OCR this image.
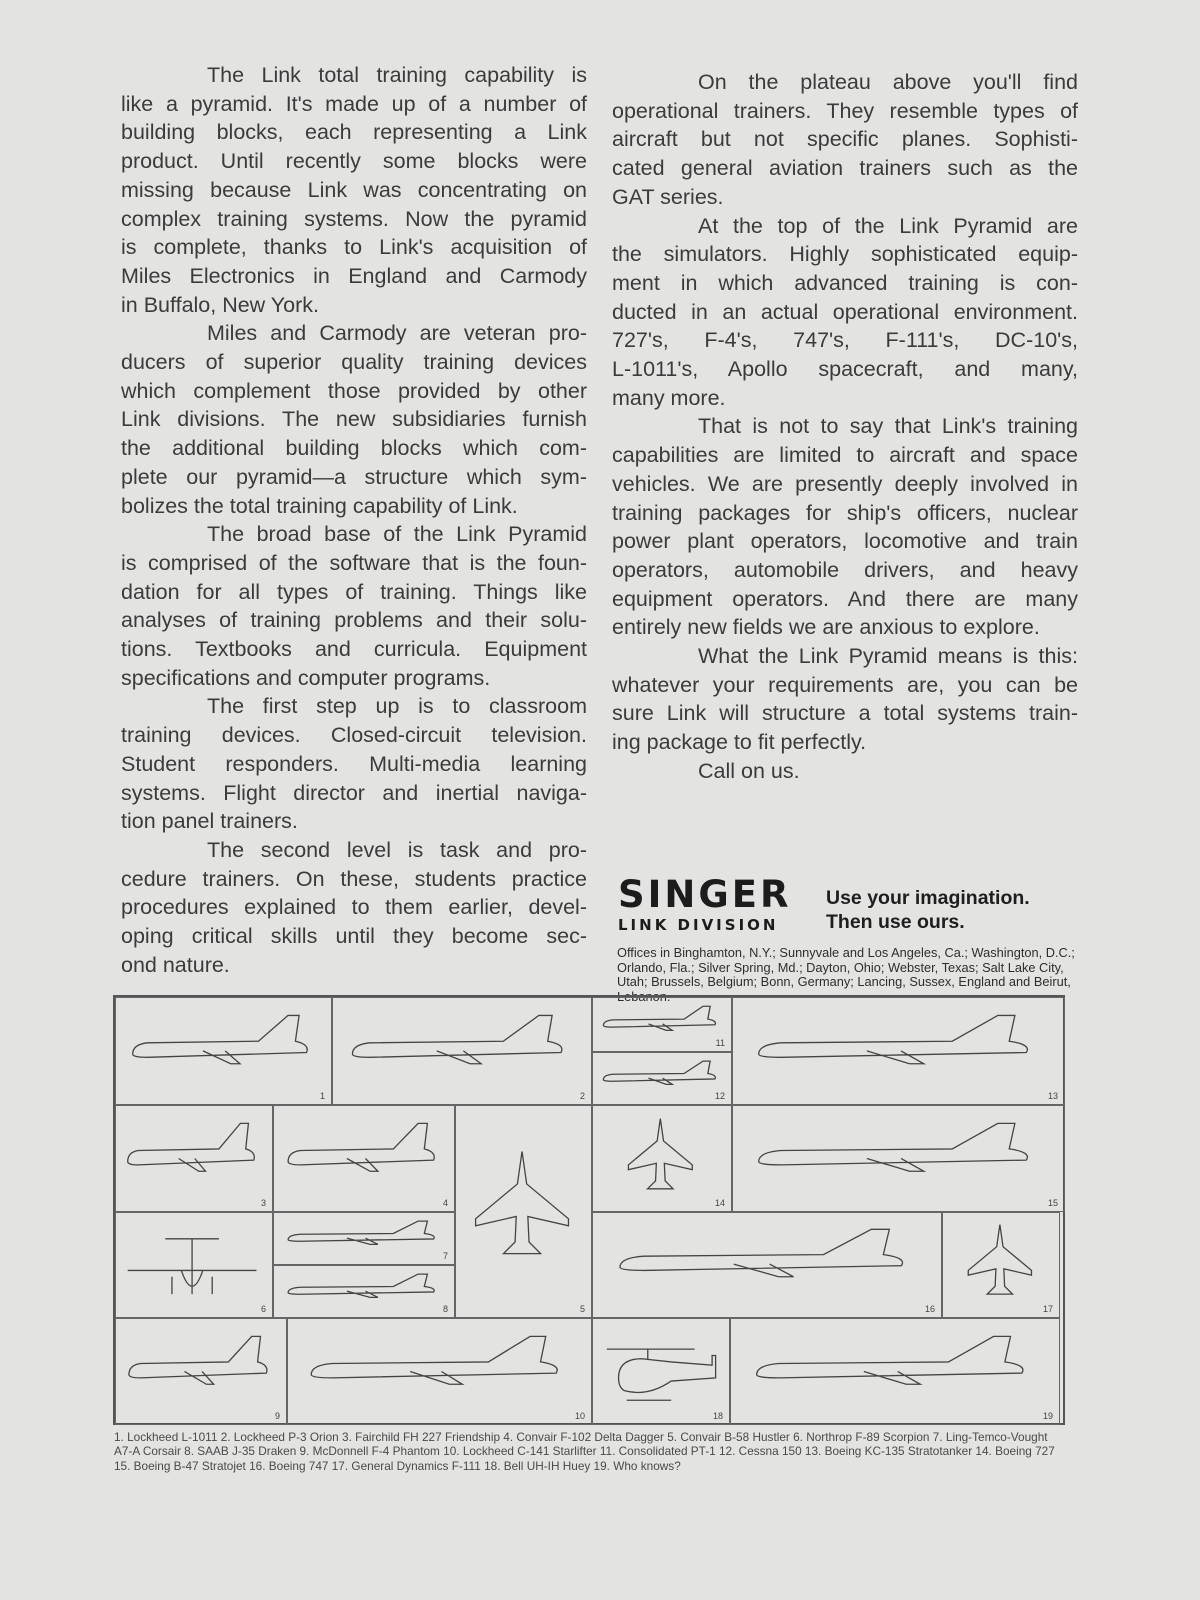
The Link total training capability is
like a pyramid. It's made up of a number of
building blocks, each representing a Link
product. Until recently some blocks were
missing because Link was concentrating on
complex training systems. Now the pyramid
is complete, thanks to Link's acquisition of
Miles Electronics in England and Carmody
in Buffalo, New York.
Miles and Carmody are veteran pro-
ducers of superior quality training devices
which complement those provided by other
Link divisions. The new subsidiaries furnish
the additional building blocks which com-
plete our pyramid—a structure which sym-
bolizes the total training capability of Link.
The broad base of the Link Pyramid
is comprised of the software that is the foun-
dation for all types of training. Things like
analyses of training problems and their solu-
tions. Textbooks and curricula. Equipment
specifications and computer programs.
The first step up is to classroom
training devices. Closed-circuit television.
Student responders. Multi-media learning
systems. Flight director and inertial naviga-
tion panel trainers.
The second level is task and pro-
cedure trainers. On these, students practice
procedures explained to them earlier, devel-
oping critical skills until they become sec-
ond nature.
On the plateau above you'll find
operational trainers. They resemble types of
aircraft but not specific planes. Sophisti-
cated general aviation trainers such as the
GAT series.
At the top of the Link Pyramid are
the simulators. Highly sophisticated equip-
ment in which advanced training is con-
ducted in an actual operational environment.
727's, F-4's, 747's, F-111's, DC-10's,
L-1011's, Apollo spacecraft, and many,
many more.
That is not to say that Link's training
capabilities are limited to aircraft and space
vehicles. We are presently deeply involved in
training packages for ship's officers, nuclear
power plant operators, locomotive and train
operators, automobile drivers, and heavy
equipment operators. And there are many
entirely new fields we are anxious to explore.
What the Link Pyramid means is this:
whatever your requirements are, you can be
sure Link will structure a total systems train-
ing package to fit perfectly.
Call on us.
SINGER
LINK DIVISION
Use your imagination.
Then use ours.
Offices in Binghamton, N.Y.; Sunnyvale and Los Angeles, Ca.; Washington, D.C.; Orlando, Fla.; Silver Spring, Md.; Dayton, Ohio; Webster, Texas; Salt Lake City, Utah; Brussels, Belgium; Bonn, Germany; Lancing, Sussex, England and Beirut, Lebanon.
1	2
11
12	13
3	4
5
14	15
6
7
8	16	17
9	10	18	19
1. Lockheed L-1011 2. Lockheed P-3 Orion 3. Fairchild FH 227 Friendship 4. Convair F-102 Delta Dagger 5. Convair B-58 Hustler 6. Northrop F-89 Scorpion 7. Ling-Temco-Vought A7-A Corsair 8. SAAB J-35 Draken 9. McDonnell F-4 Phantom 10. Lockheed C-141 Starlifter 11. Consolidated PT-1 12. Cessna 150 13. Boeing KC-135 Stratotanker 14. Boeing 727 15. Boeing B-47 Stratojet 16. Boeing 747 17. General Dynamics F-111 18. Bell UH-IH Huey 19. Who knows?
